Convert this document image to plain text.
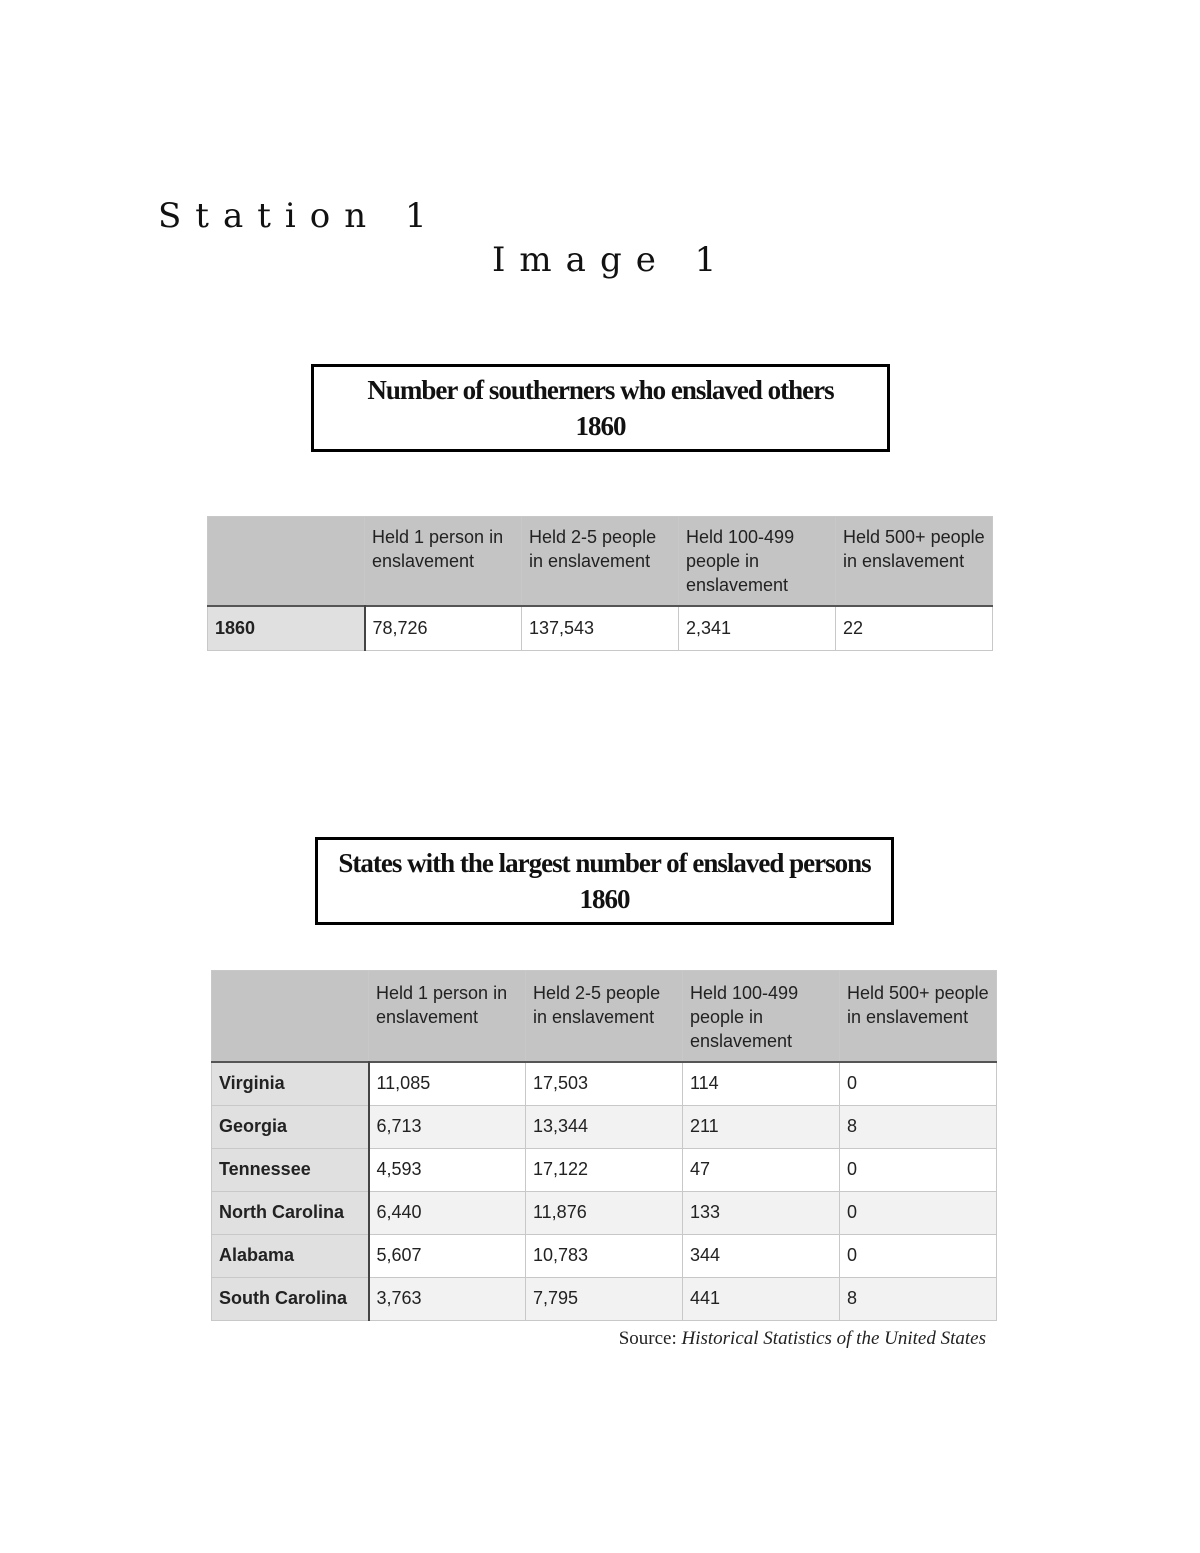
Station 1
Image 1
Number of southerners who enslaved others
1860
	Held 1 person in enslavement	Held 2-5 people in enslavement	Held 100-499 people in enslavement	Held 500+ people in enslavement
1860	78,726	137,543	2,341	22
States with the largest number of enslaved persons
1860
	Held 1 person in enslavement	Held 2-5 people in enslavement	Held 100-499 people in enslavement	Held 500+ people in enslavement
Virginia	11,085	17,503	114	0
Georgia	6,713	13,344	211	8
Tennessee	4,593	17,122	47	0
North Carolina	6,440	11,876	133	0
Alabama	5,607	10,783	344	0
South Carolina	3,763	7,795	441	8
Source: Historical Statistics of the United States
